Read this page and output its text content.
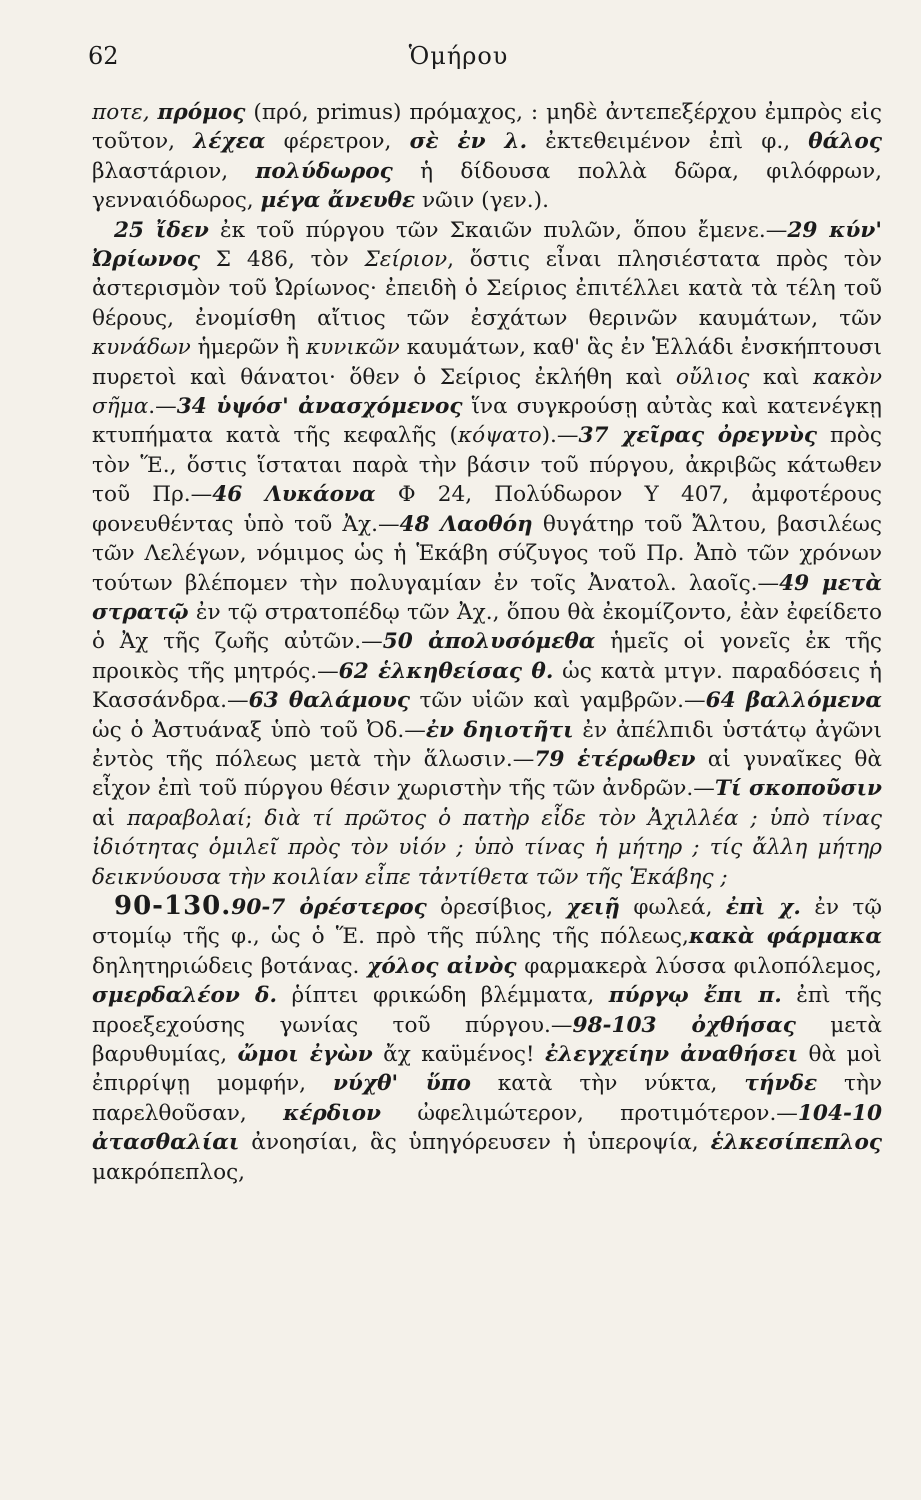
62	Ὁμήρου

ποτε, πρόμος (πρό, primus) πρόμαχος, : μηδὲ ἀντεπεξέρχου ἐμπρὸς εἰς τοῦτον, λέχεα φέρετρον, σὲ ἐν λ. ἐκτεθειμένον ἐπὶ φ., θάλος βλαστάριον, πολύδωρος ἡ δίδουσα πολλὰ δῶρα, φιλόφρων, γενναιόδωρος, μέγα ἄνευθε νῶιν (γεν.).

25 ἴδεν ἐκ τοῦ πύργου τῶν Σκαιῶν πυλῶν, ὅπου ἔμενε.—29 κύν' Ὠρίωνος Σ 486, τὸν Σείριον, ὅστις εἶναι πλησιέστατα πρὸς τὸν ἀστερισμὸν τοῦ Ὠρίωνος· ἐπειδὴ ὁ Σείριος ἐπιτέλλει κατὰ τὰ τέλη τοῦ θέρους, ἐνομίσθη αἴτιος τῶν ἐσχάτων θερινῶν καυμάτων, τῶν κυνάδων ἡμερῶν ἢ κυνικῶν καυμάτων, καθ' ἃς ἐν Ἑλλάδι ἐνσκήπτουσι πυρετοὶ καὶ θάνατοι· ὅθεν ὁ Σείριος ἐκλήθη καὶ οὔλιος καὶ κακὸν σῆμα.—34 ὑψόσ' ἀνασχόμενος ἵνα συγκρούσῃ αὐτὰς καὶ κατενέγκῃ κτυπήματα κατὰ τῆς κεφαλῆς (κόψατο).—37 χεῖρας ὀρεγνὺς πρὸς τὸν Ἕ., ὅστις ἵσταται παρὰ τὴν βάσιν τοῦ πύργου, ἀκριβῶς κάτωθεν τοῦ Πρ.—46 Λυκάονα Φ 24, Πολύδωρον Υ 407, ἀμφοτέρους φονευθέντας ὑπὸ τοῦ Ἀχ.—48 Λαοθόη θυγάτηρ τοῦ Ἄλτου, βασιλέως τῶν Λελέγων, νόμιμος ὡς ἡ Ἑκάβη σύζυγος τοῦ Πρ. Ἀπὸ τῶν χρόνων τούτων βλέπομεν τὴν πολυγαμίαν ἐν τοῖς Ἀνατολ. λαοῖς.—49 μετὰ στρατῷ ἐν τῷ στρατοπέδῳ τῶν Ἀχ., ὅπου θὰ ἐκομίζοντο, ἐὰν ἐφείδετο ὁ Ἀχ τῆς ζωῆς αὐτῶν.—50 ἀπολυσόμεθα ἡμεῖς οἱ γονεῖς ἐκ τῆς προικὸς τῆς μητρός.—62 ἑλκηθείσας θ. ὡς κατὰ μτγν. παραδόσεις ἡ Κασσάνδρα.—63 θαλάμους τῶν υἱῶν καὶ γαμβρῶν.—64 βαλλόμενα ὡς ὁ Ἀστυάναξ ὑπὸ τοῦ Ὀδ.—ἐν δηιοτῆτι ἐν ἀπέλπιδι ὑστάτῳ ἀγῶνι ἐντὸς τῆς πόλεως μετὰ τὴν ἅλωσιν.—79 ἑτέρωθεν αἱ γυναῖκες θὰ εἶχον ἐπὶ τοῦ πύργου θέσιν χωριστὴν τῆς τῶν ἀνδρῶν.—Τί σκοποῦσιν αἱ παραβολαί; διὰ τί πρῶτος ὁ πατὴρ εἶδε τὸν Ἀχιλλέα ; ὑπὸ τίνας ἰδιότητας ὁμιλεῖ πρὸς τὸν υἱόν ; ὑπὸ τίνας ἡ μήτηρ ; τίς ἄλλη μήτηρ δεικνύουσα τὴν κοιλίαν εἶπε τἀντίθετα τῶν τῆς Ἑκάβης ;

90-130.90-7 ὀρέστερος ὀρεσίβιος, χειῇ φωλεά, ἐπὶ χ. ἐν τῷ στομίῳ τῆς φ., ὡς ὁ Ἕ. πρὸ τῆς πύλης τῆς πόλεως,κακὰ φάρμακα δηλητηριώδεις βοτάνας. χόλος αἰνὸς φαρμακερὰ λύσσα φιλοπόλεμος, σμερδαλέον δ. ῥίπτει φρικώδη βλέμματα, πύργῳ ἔπι π. ἐπὶ τῆς προεξεχούσης γωνίας τοῦ πύργου.—98-103 ὀχθήσας μετὰ βαρυθυμίας, ὤμοι ἐγὼν ἄχ καϋμένος! ἐλεγχείην ἀναθήσει θὰ μοὶ ἐπιρρίψῃ μομφήν, νύχθ' ὕπο κατὰ τὴν νύκτα, τήνδε τὴν παρελθοῦσαν, κέρδιον ὠφελιμώτερον, προτιμότερον.—104-10 ἀτασθαλίαι ἀνοησίαι, ἃς ὑπηγόρευσεν ἡ ὑπεροψία, ἑλκεσίπεπλος μακρόπεπλος,
